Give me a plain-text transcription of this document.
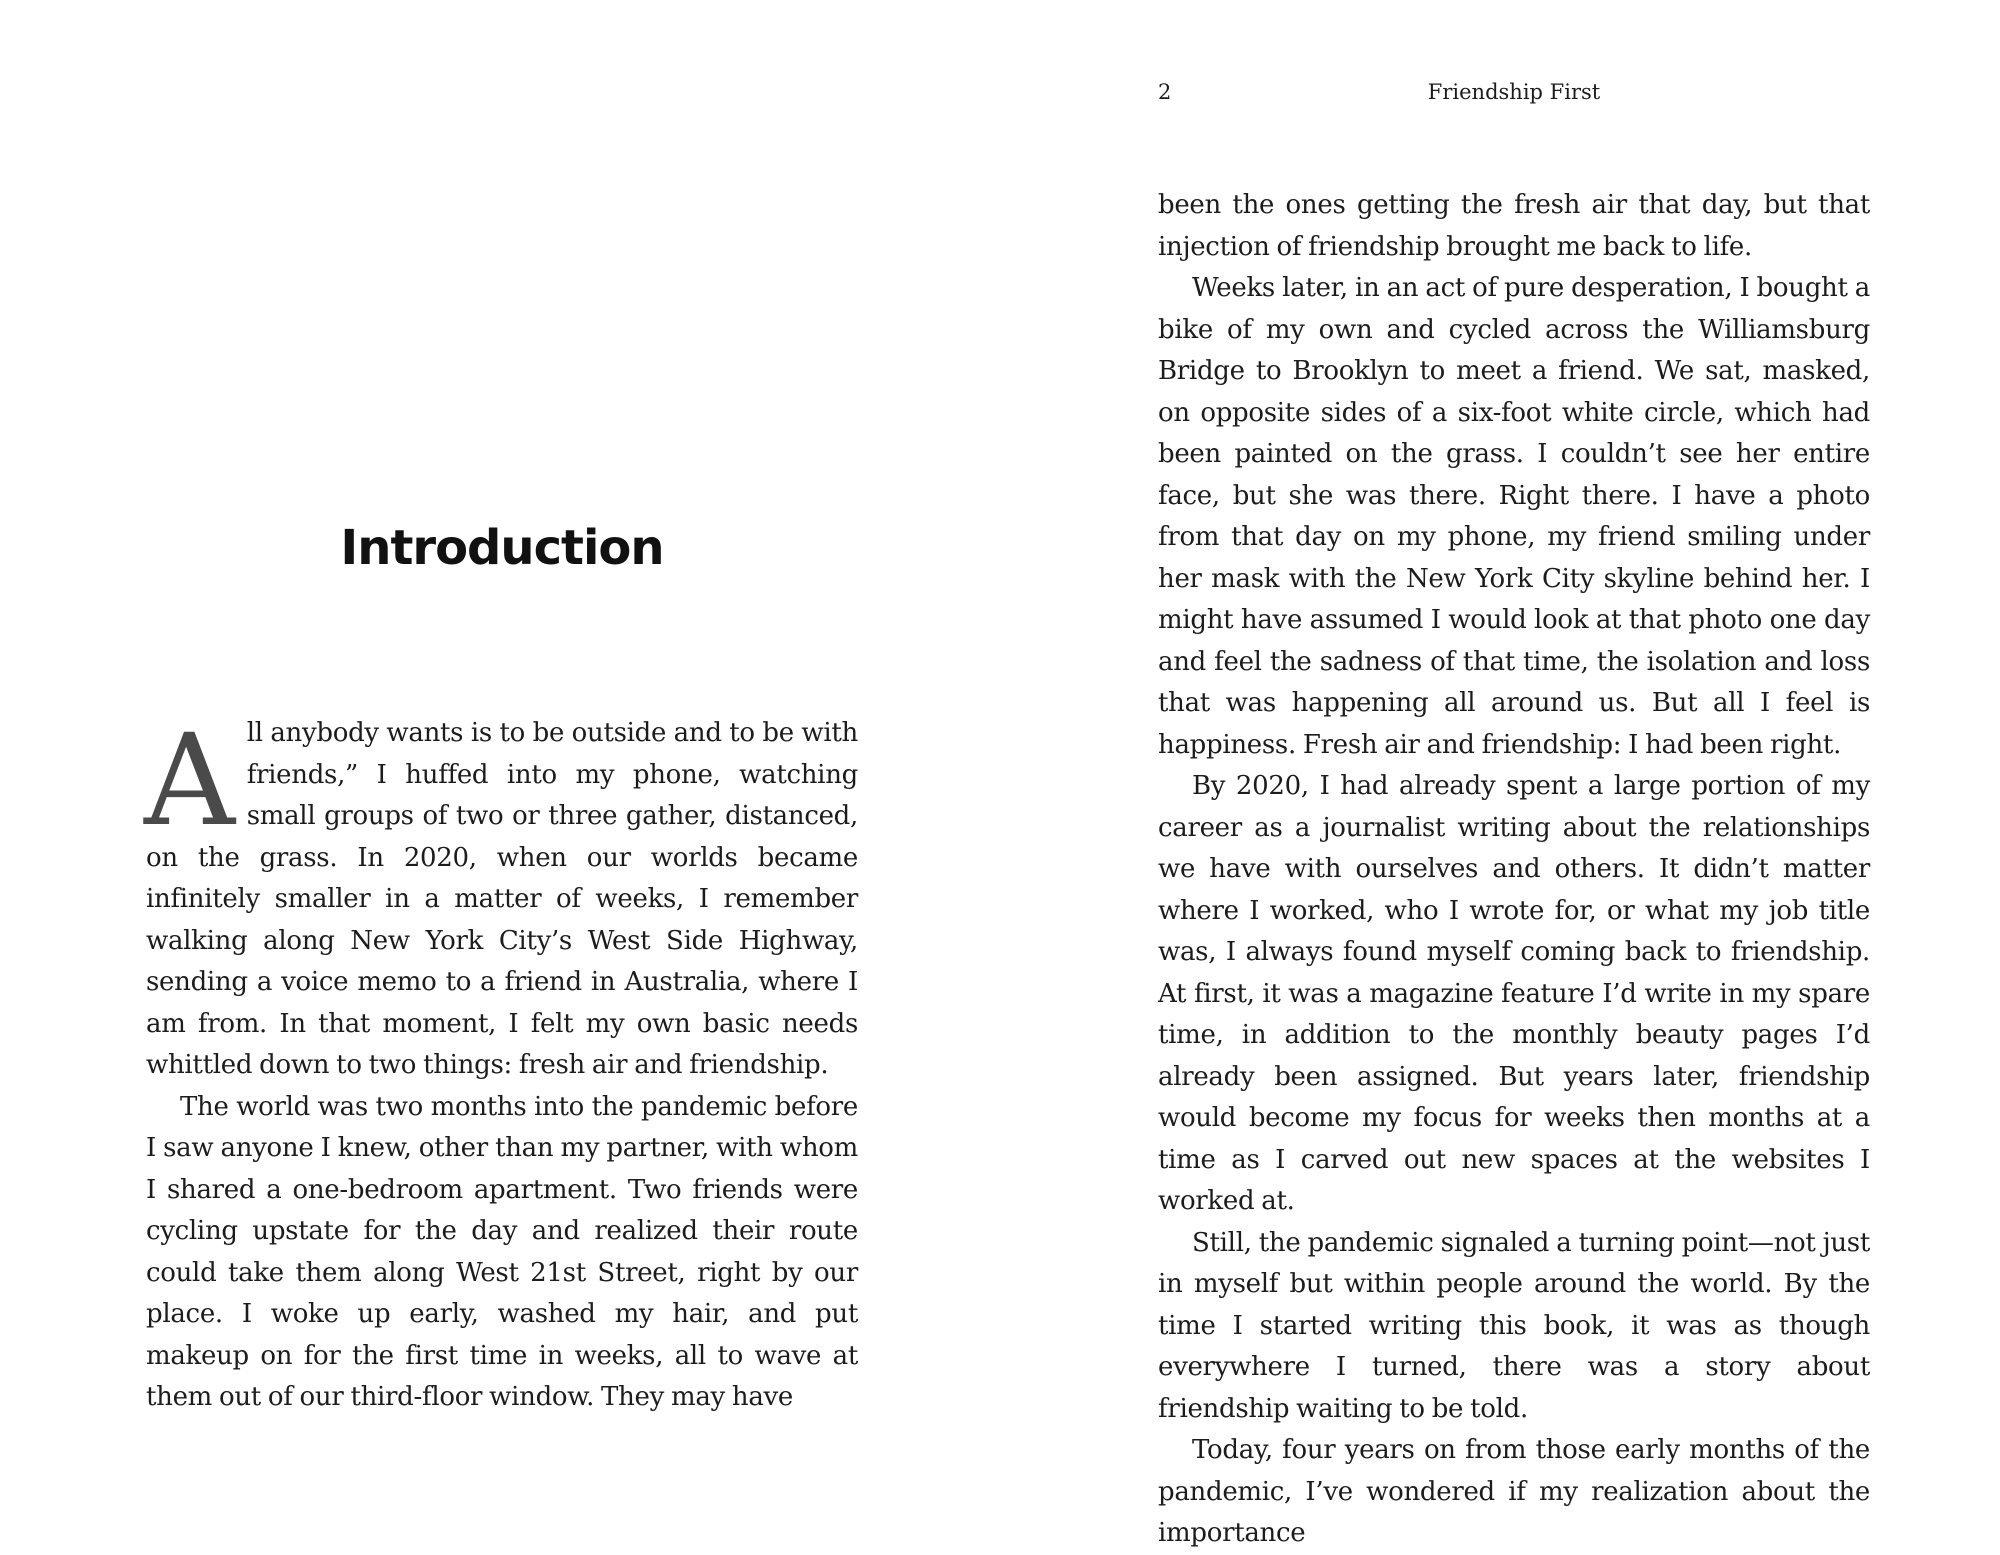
Introduction

All anybody wants is to be outside and to be with friends,” I huffed into my phone, watching small groups of two or three gather, distanced, on the grass. In 2020, when our worlds became infinitely smaller in a matter of weeks, I remember walking along New York City’s West Side Highway, sending a voice memo to a friend in Australia, where I am from. In that moment, I felt my own basic needs whittled down to two things: fresh air and friendship.

The world was two months into the pandemic before I saw anyone I knew, other than my partner, with whom I shared a one-bedroom apartment. Two friends were cycling upstate for the day and realized their route could take them along West 21st Street, right by our place. I woke up early, washed my hair, and put makeup on for the first time in weeks, all to wave at them out of our third-floor window. They may have

2	Friendship First

been the ones getting the fresh air that day, but that injection of friendship brought me back to life.

Weeks later, in an act of pure desperation, I bought a bike of my own and cycled across the Williamsburg Bridge to Brooklyn to meet a friend. We sat, masked, on opposite sides of a six-foot white circle, which had been painted on the grass. I couldn’t see her entire face, but she was there. Right there. I have a photo from that day on my phone, my friend smiling under her mask with the New York City skyline behind her. I might have assumed I would look at that photo one day and feel the sadness of that time, the isolation and loss that was happening all around us. But all I feel is happiness. Fresh air and friendship: I had been right.

By 2020, I had already spent a large portion of my career as a journalist writing about the relationships we have with ourselves and others. It didn’t matter where I worked, who I wrote for, or what my job title was, I always found myself coming back to friendship. At first, it was a magazine feature I’d write in my spare time, in addition to the monthly beauty pages I’d already been assigned. But years later, friendship would become my focus for weeks then months at a time as I carved out new spaces at the websites I worked at.

Still, the pandemic signaled a turning point—not just in myself but within people around the world. By the time I started writing this book, it was as though everywhere I turned, there was a story about friendship waiting to be told.

Today, four years on from those early months of the pandemic, I’ve wondered if my realization about the importance
